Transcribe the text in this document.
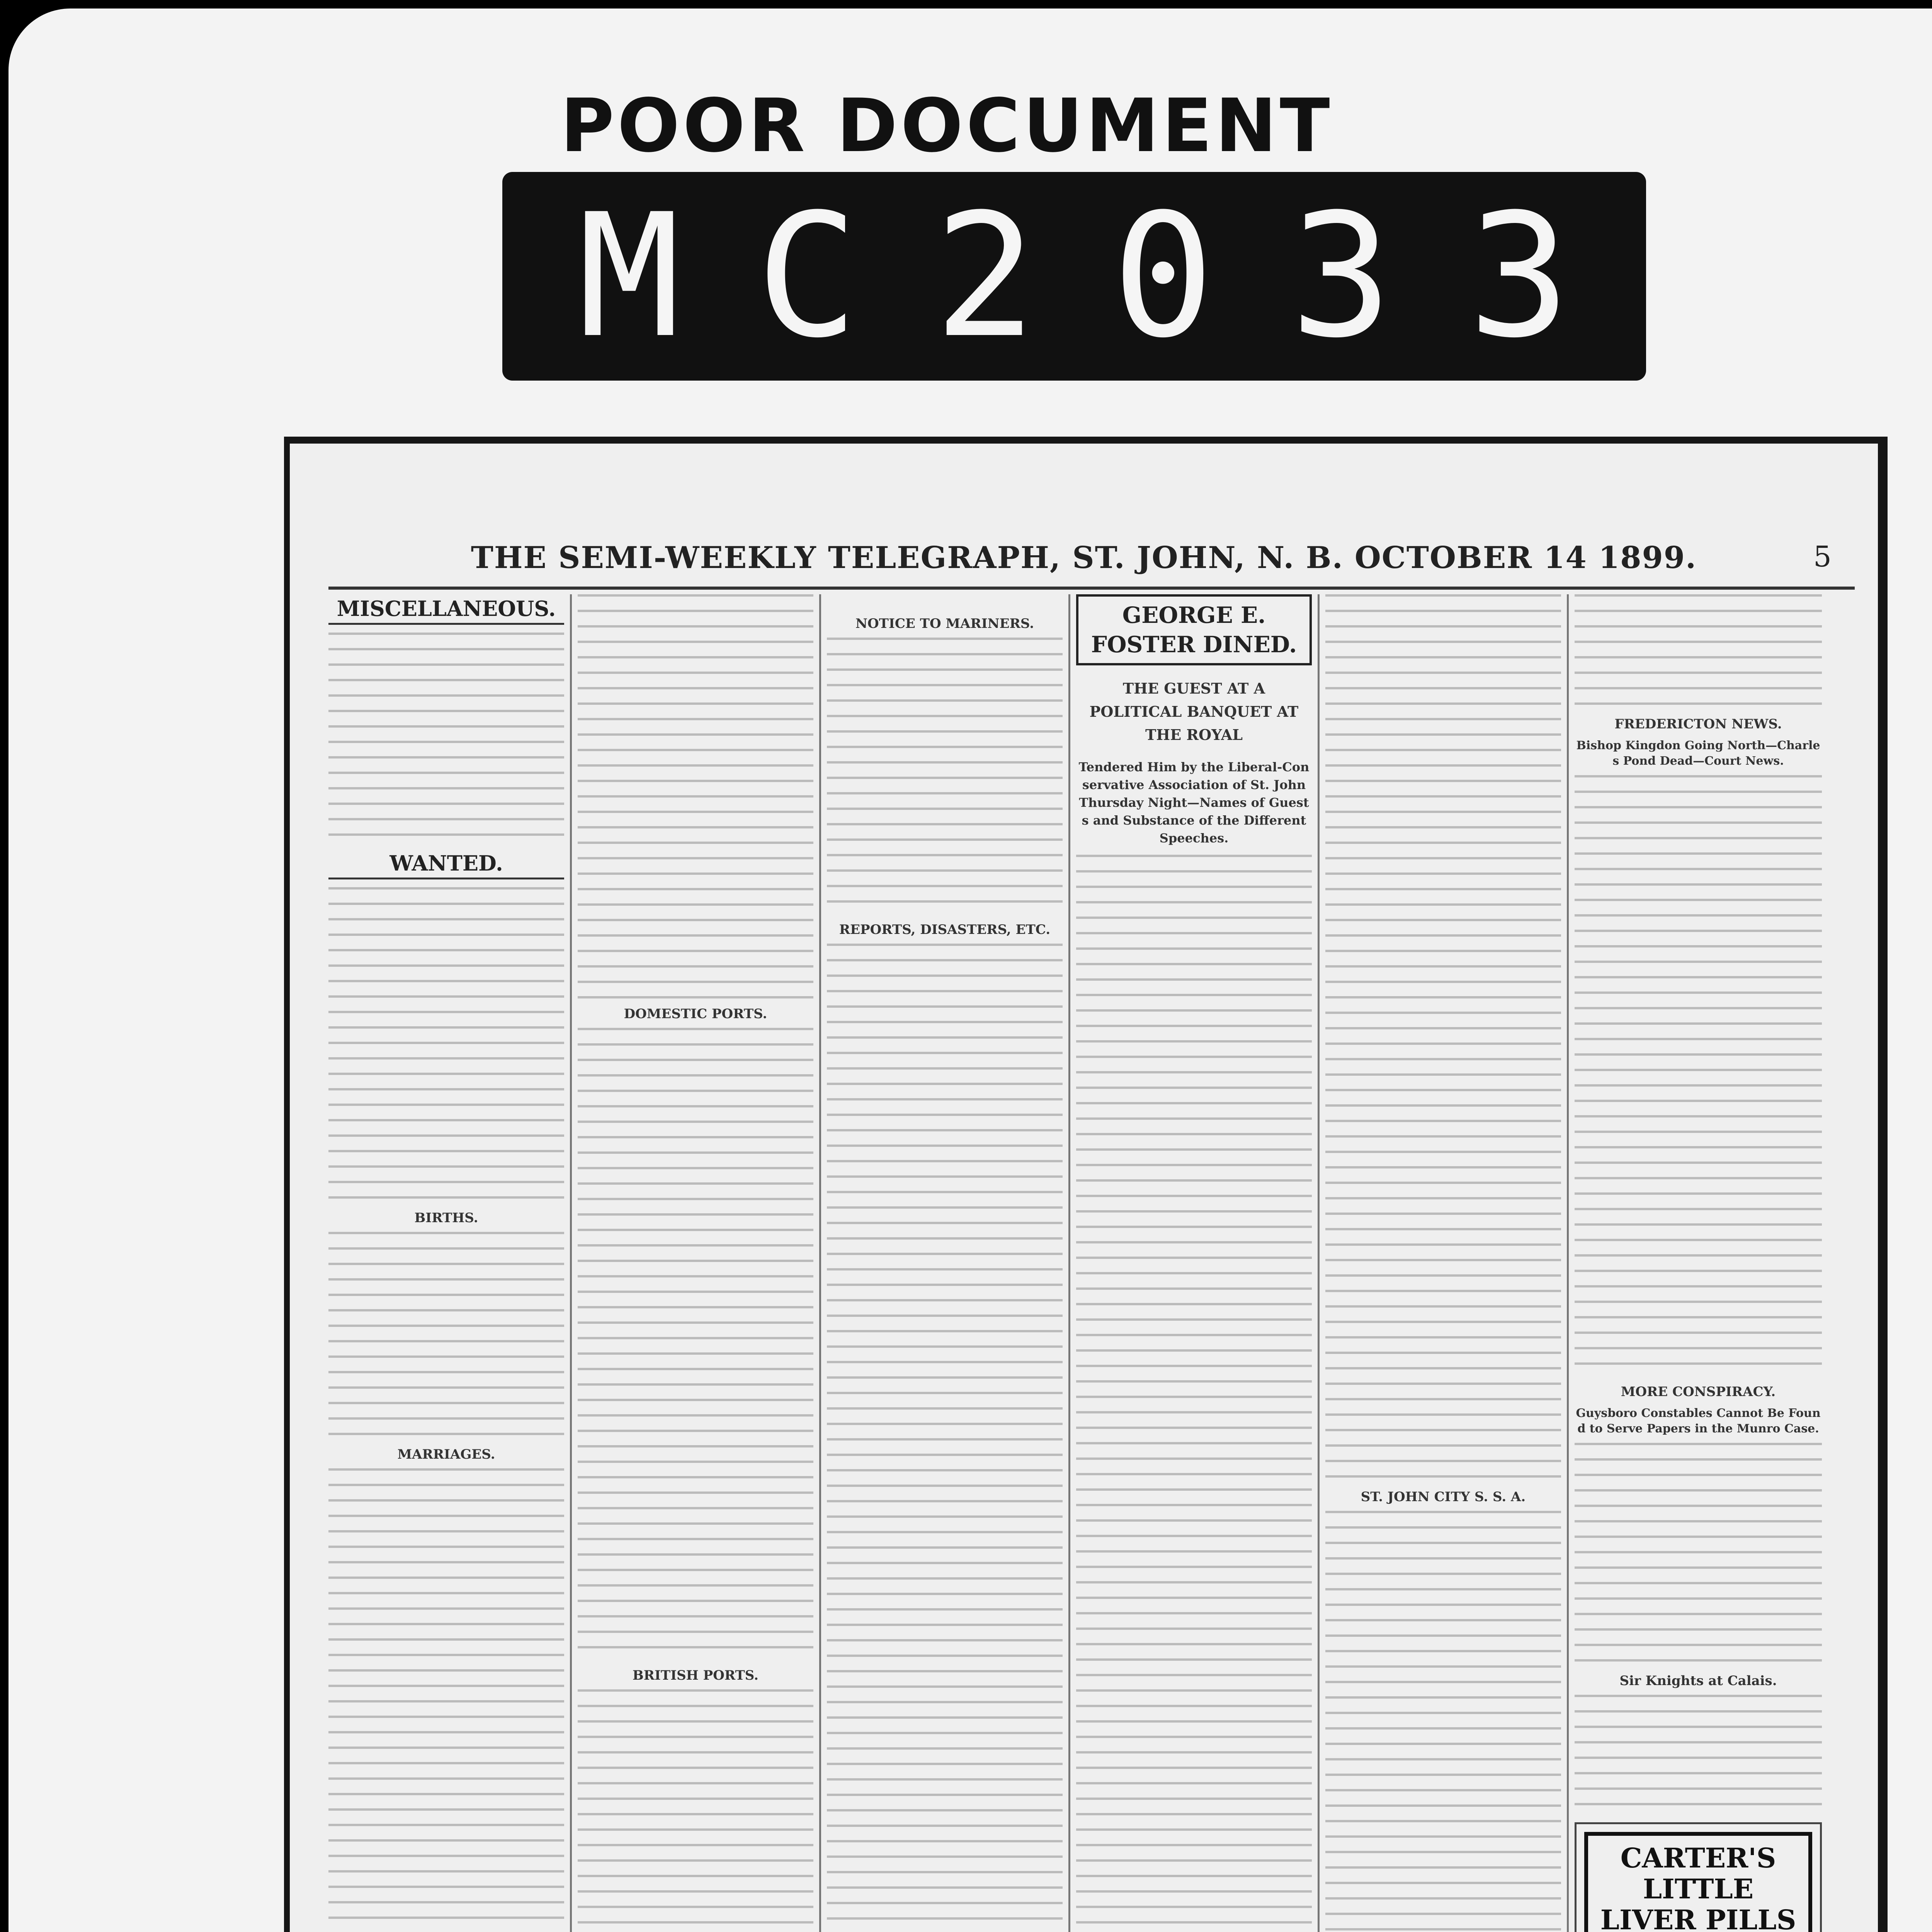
POOR DOCUMENT
M C 2 0 3 3
THE SEMI-WEEKLY TELEGRAPH, ST. JOHN, N. B. OCTOBER 14 1899.	5
MISCELLANEOUS.
WANTED.
BIRTHS.
MARRIAGES.
DOMESTIC PORTS.
BRITISH PORTS.
NOTICE TO MARINERS.
REPORTS, DISASTERS, ETC.
GEORGE E. FOSTER DINED.
THE GUEST AT A POLITICAL BANQUET AT THE ROYAL
Tendered Him by the Liberal-Conservative Association of St. John Thursday Night—Names of Guests and Substance of the Different Speeches.
ST. JOHN CITY S. S. A.
FREDERICTON NEWS.
Bishop Kingdon Going North—Charles Pond Dead—Court News.
MORE CONSPIRACY.
Guysboro Constables Cannot Be Found to Serve Papers in the Munro Case.
Sir Knights at Calais.
CARTER'S LITTLE LIVER PILLS
